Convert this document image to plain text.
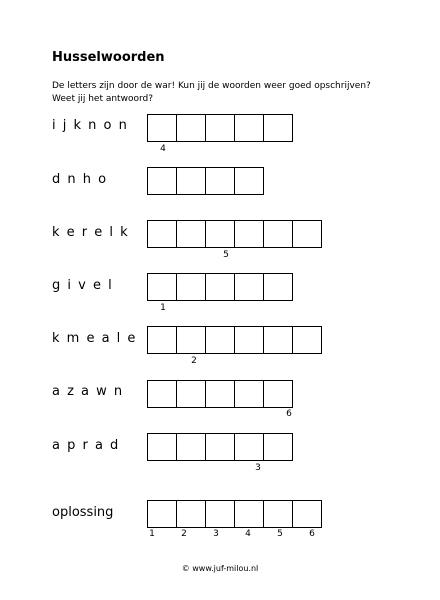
Husselwoorden
De letters zijn door de war! Kun jij de woorden weer goed opschrijven?
Weet jij het antwoord?
i j k n o n
4
d n h o
k e r e l k
5
g i v e l
1
k m e a l e
2
a z a w n
6
a p r a d
3
oplossing
1	2	3	4	5	6
© www.juf-milou.nl
